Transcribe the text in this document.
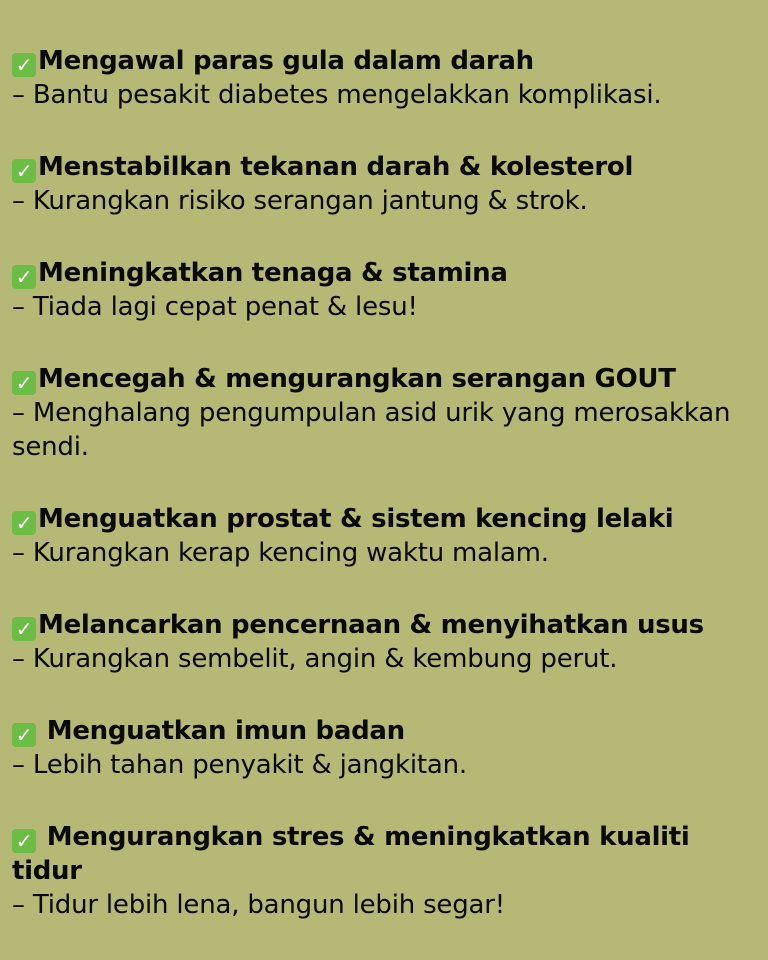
✓ Mengawal paras gula dalam darah
– Bantu pesakit diabetes mengelakkan komplikasi.
✓ Menstabilkan tekanan darah & kolesterol
– Kurangkan risiko serangan jantung & strok.
✓ Meningkatkan tenaga & stamina
– Tiada lagi cepat penat & lesu!
✓ Mencegah & mengurangkan serangan GOUT
– Menghalang pengumpulan asid urik yang merosakkan sendi.
✓ Menguatkan prostat & sistem kencing lelaki
– Kurangkan kerap kencing waktu malam.
✓ Melancarkan pencernaan & menyihatkan usus
– Kurangkan sembelit, angin & kembung perut.
✓ Menguatkan imun badan
– Lebih tahan penyakit & jangkitan.
✓ Mengurangkan stres & meningkatkan kualiti tidur
– Tidur lebih lena, bangun lebih segar!
